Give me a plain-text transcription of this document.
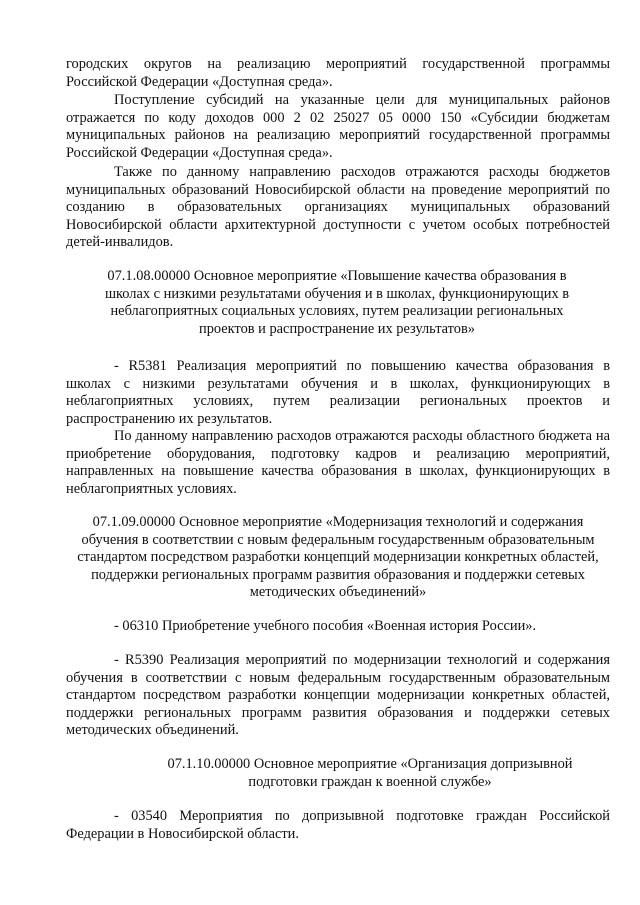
городских округов на реализацию мероприятий государственной программы Российской Федерации «Доступная среда».

Поступление субсидий на указанные цели для муниципальных районов отражается по коду доходов 000 2 02 25027 05 0000 150 «Субсидии бюджетам муниципальных районов на реализацию мероприятий государственной программы Российской Федерации «Доступная среда».

Также по данному направлению расходов отражаются расходы бюджетов муниципальных образований Новосибирской области на проведение мероприятий по созданию в образовательных организациях муниципальных образований Новосибирской области архитектурной доступности с учетом особых потребностей детей-инвалидов.

07.1.08.00000 Основное мероприятие «Повышение качества образования в школах с низкими результатами обучения и в школах, функционирующих в неблагоприятных социальных условиях, путем реализации региональных проектов и распространение их результатов»

- R5381 Реализация мероприятий по повышению качества образования в школах с низкими результатами обучения и в школах, функционирующих в неблагоприятных условиях, путем реализации региональных проектов и распространению их результатов.

По данному направлению расходов отражаются расходы областного бюджета на приобретение оборудования, подготовку кадров и реализацию мероприятий, направленных на повышение качества образования в школах, функционирующих в неблагоприятных условиях.

07.1.09.00000 Основное мероприятие «Модернизация технологий и содержания обучения в соответствии с новым федеральным государственным образовательным стандартом посредством разработки концепций модернизации конкретных областей, поддержки региональных программ развития образования и поддержки сетевых методических объединений»

- 06310 Приобретение учебного пособия «Военная история России».

- R5390 Реализация мероприятий по модернизации технологий и содержания обучения в соответствии с новым федеральным государственным образовательным стандартом посредством разработки концепции модернизации конкретных областей, поддержки региональных программ развития образования и поддержки сетевых методических объединений.

07.1.10.00000 Основное мероприятие «Организация допризывной подготовки граждан к военной службе»

- 03540 Мероприятия по допризывной подготовке граждан Российской Федерации в Новосибирской области.
